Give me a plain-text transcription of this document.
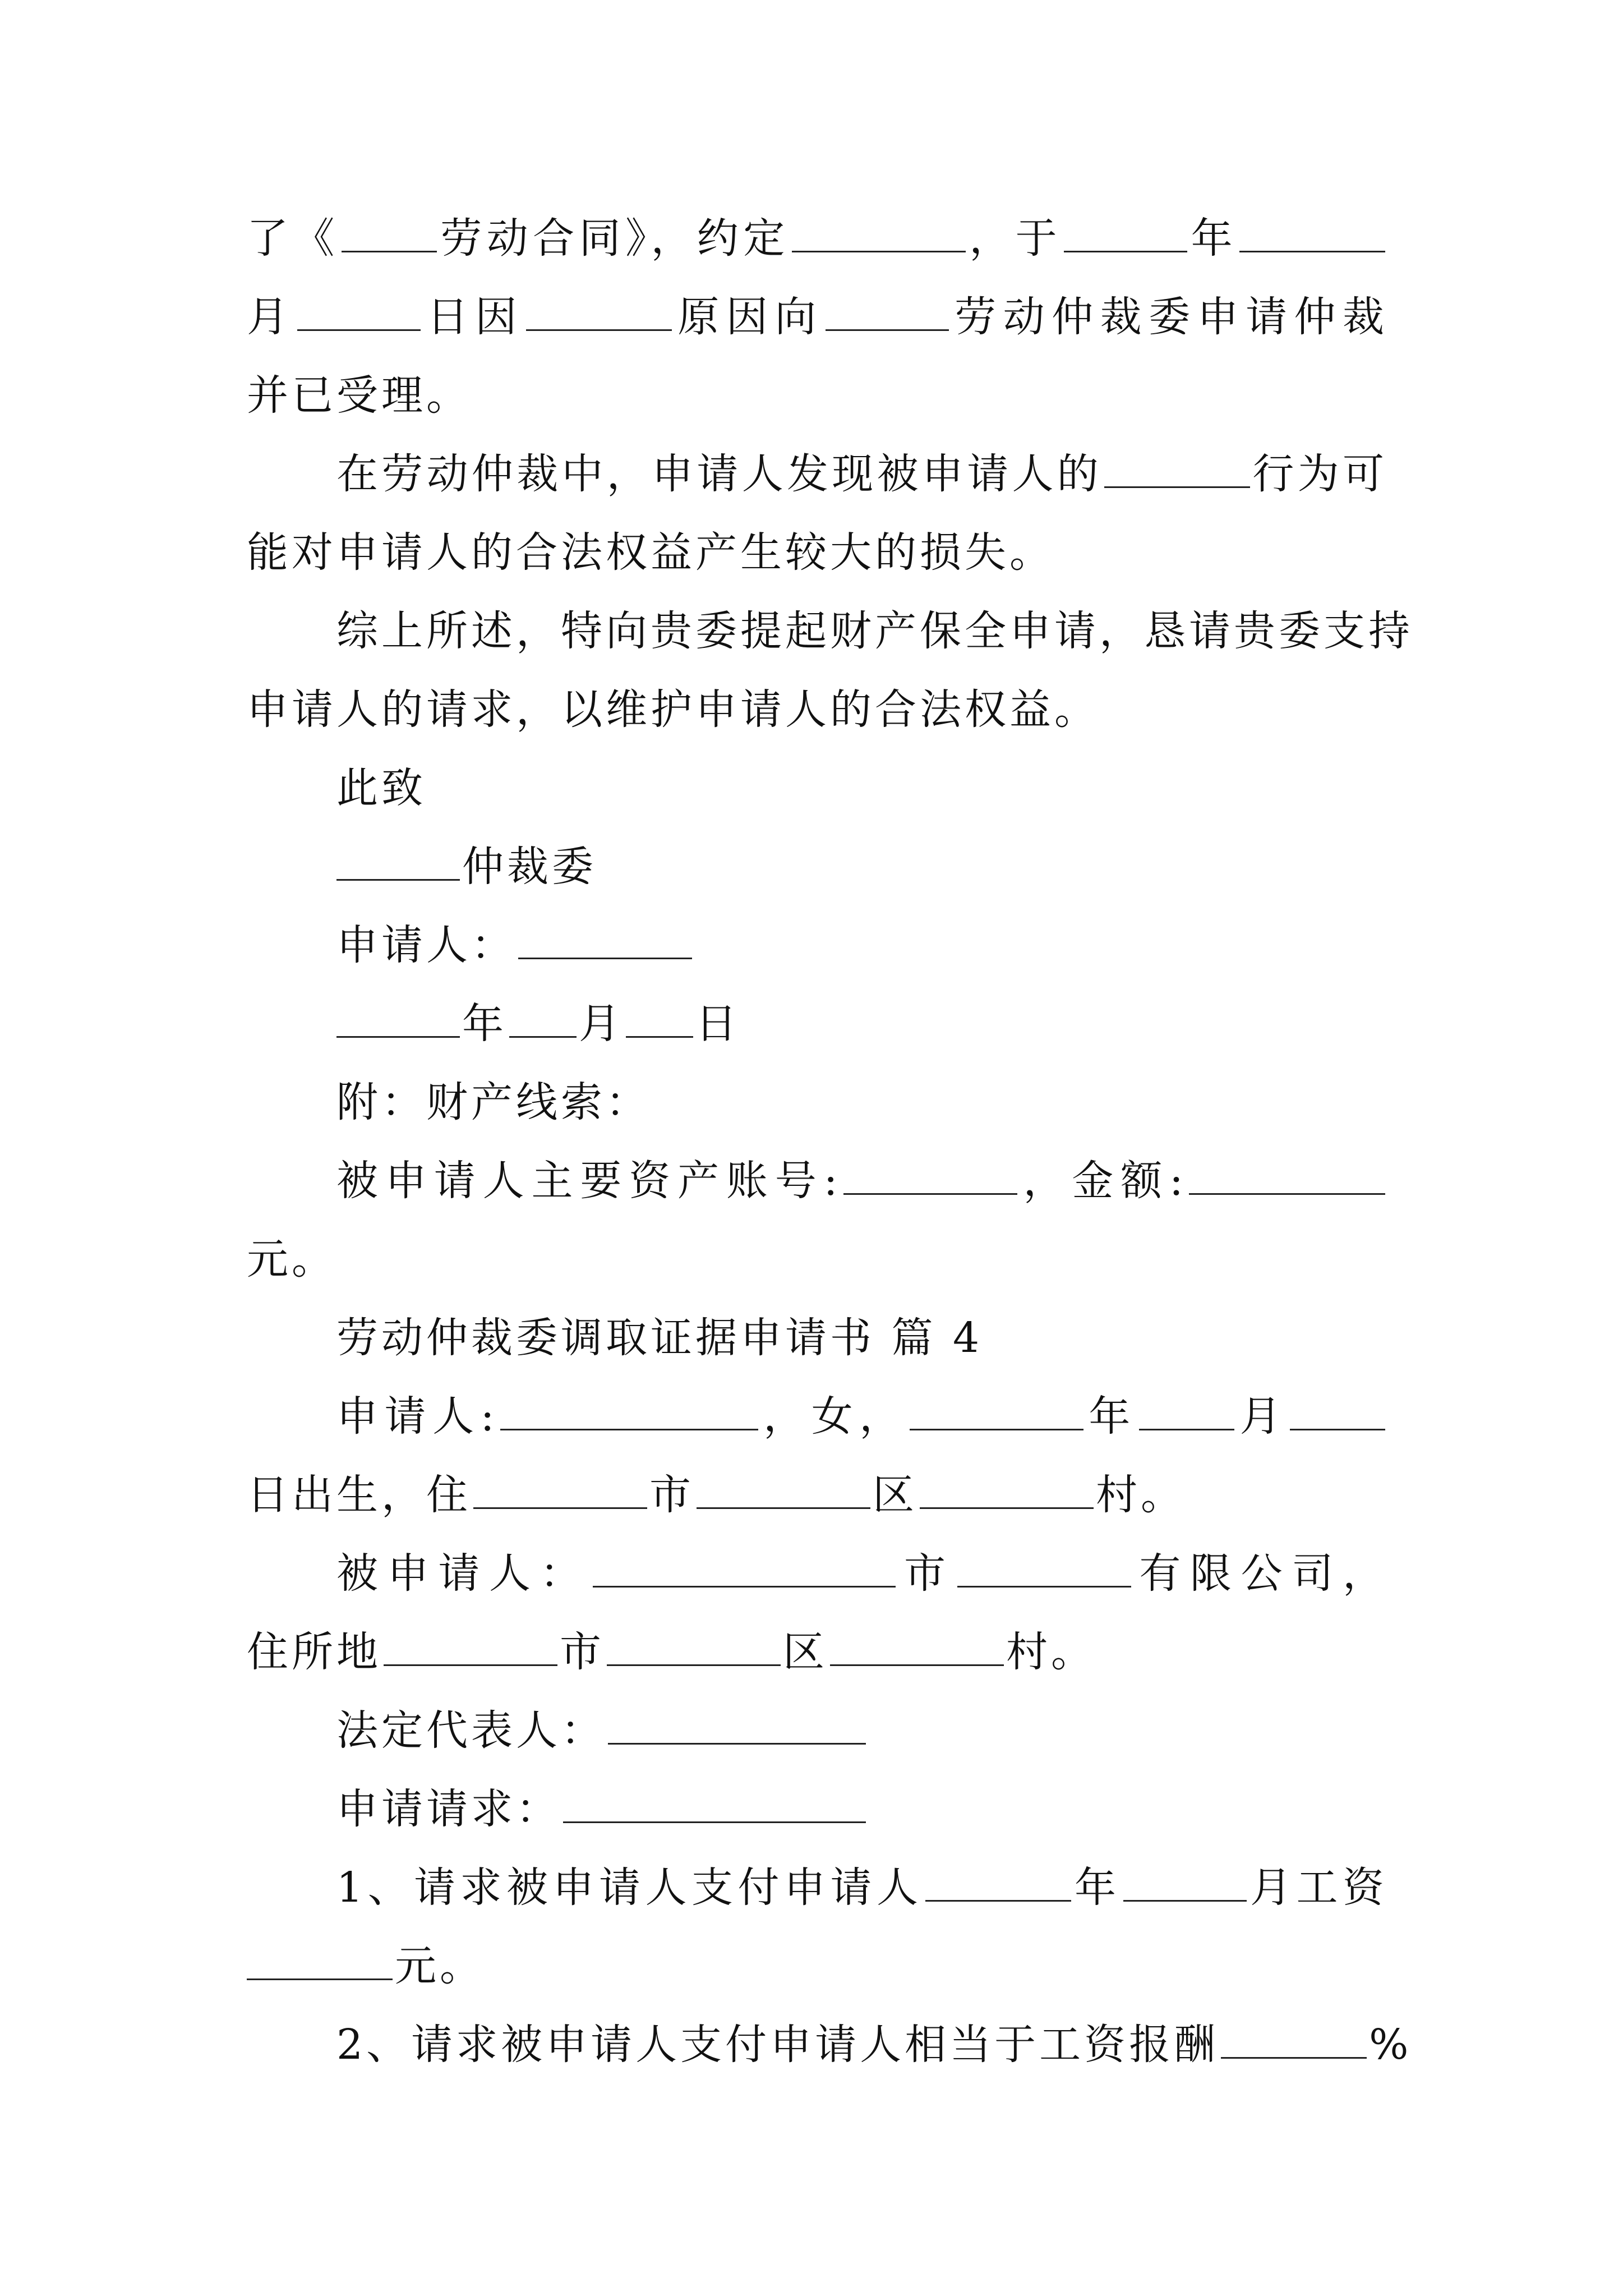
了《 劳动合同》，约定	，于	年
月	日因	原因向	劳动仲裁委申请仲裁
并已受理。
在劳动仲裁中，申请人发现被申请人的	行为可
能对申请人的合法权益产生较大的损失。
综上所述，特向贵委提起财产保全申请，恳请贵委支持
申请人的请求，以维护申请人的合法权益。
此致
仲裁委
申请人：
年 月 日
附：财产线索：
被申请人主要资产账号:	，金额:
元。
劳动仲裁委调取证据申请书 篇 4
申请人:	，女，	年 月
日出生，住	市	区	村。
被申请人：	市	有限公司，
住所地	市	区	村。
法定代表人：
申请请求：
1、请求被申请人支付申请人	年	月工资
元。
2、请求被申请人支付申请人相当于工资报酬	%
